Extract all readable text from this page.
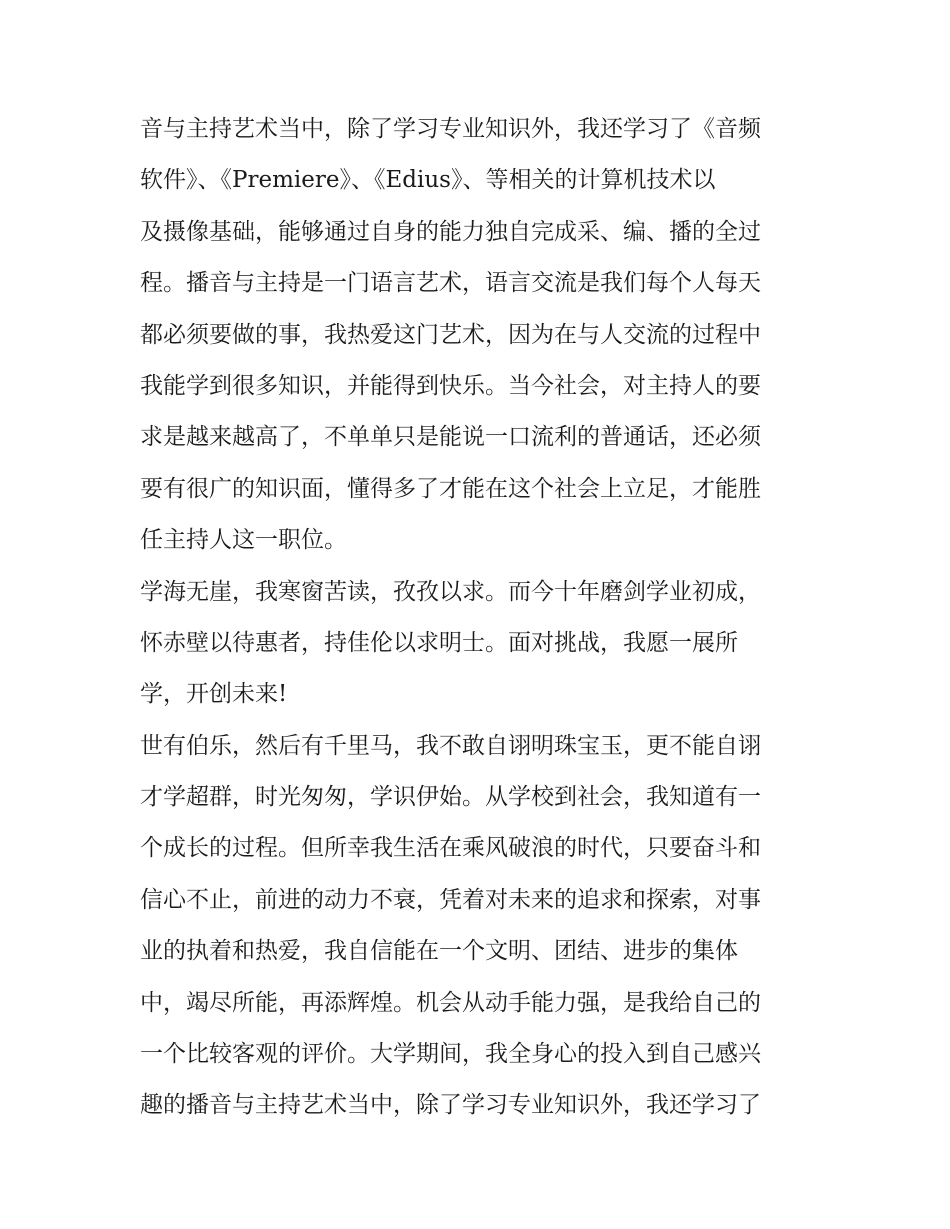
音与主持艺术当中，除了学习专业知识外，我还学习了《音频
软件》、《Premiere》、《Edius》、等相关的计算机技术以
及摄像基础，能够通过自身的能力独自完成采、编、播的全过
程。播音与主持是一门语言艺术，语言交流是我们每个人每天
都必须要做的事，我热爱这门艺术，因为在与人交流的过程中
我能学到很多知识，并能得到快乐。当今社会，对主持人的要
求是越来越高了，不单单只是能说一口流利的普通话，还必须
要有很广的知识面，懂得多了才能在这个社会上立足，才能胜
任主持人这一职位。
学海无崖，我寒窗苦读，孜孜以求。而今十年磨剑学业初成，
怀赤壁以待惠者，持佳伦以求明士。面对挑战，我愿一展所
学，开创未来!
世有伯乐，然后有千里马，我不敢自诩明珠宝玉，更不能自诩
才学超群，时光匆匆，学识伊始。从学校到社会，我知道有一
个成长的过程。但所幸我生活在乘风破浪的时代，只要奋斗和
信心不止，前进的动力不衰，凭着对未来的追求和探索，对事
业的执着和热爱，我自信能在一个文明、团结、进步的集体
中，竭尽所能，再添辉煌。机会从动手能力强，是我给自己的
一个比较客观的评价。大学期间，我全身心的投入到自己感兴
趣的播音与主持艺术当中，除了学习专业知识外，我还学习了
